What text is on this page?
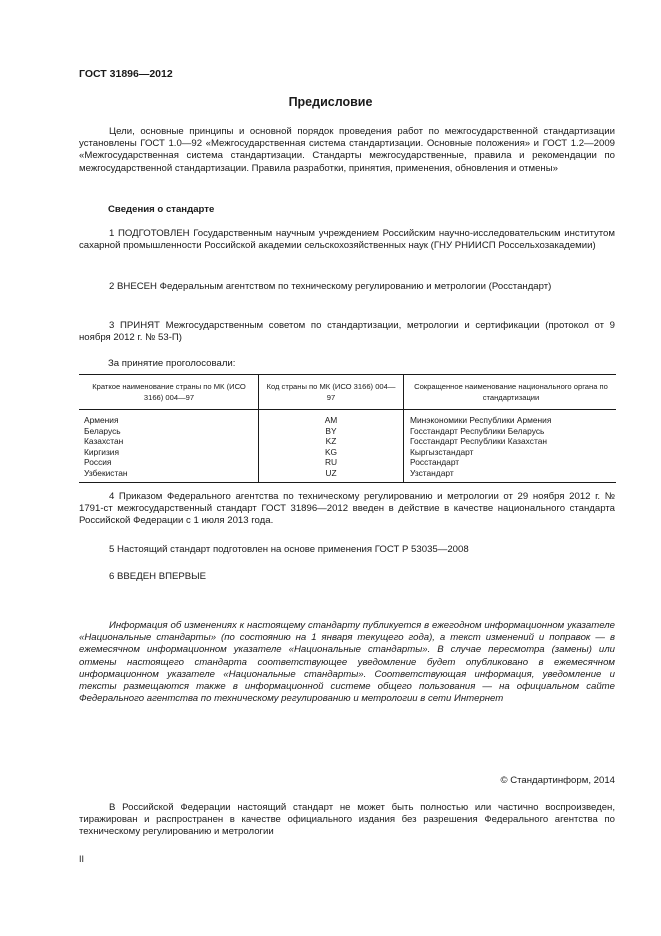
ГОСТ 31896—2012
Предисловие
Цели, основные принципы и основной порядок проведения работ по межгосударственной стандартизации установлены ГОСТ 1.0—92 «Межгосударственная система стандартизации. Основные положения» и ГОСТ 1.2—2009 «Межгосударственная система стандартизации. Стандарты межгосударственные, правила и рекомендации по межгосударственной стандартизации. Правила разработки, принятия, применения, обновления и отмены»
Сведения о стандарте
1 ПОДГОТОВЛЕН Государственным научным учреждением Российским научно-исследовательским институтом сахарной промышленности Российской академии сельскохозяйственных наук (ГНУ РНИИСП Россельхозакадемии)
2 ВНЕСЕН Федеральным агентством по техническому регулированию и метрологии (Росстандарт)
3 ПРИНЯТ Межгосударственным советом по стандартизации, метрологии и сертификации (протокол от 9 ноября 2012 г. № 53-П)
За принятие проголосовали:
Краткое наименование страны по МК (ИСО 3166) 004—97	Код страны по МК (ИСО 3166) 004—97	Сокращенное наименование национального органа по стандартизации
Армения	AM	Минэкономики Республики Армения
Беларусь	BY	Госстандарт Республики Беларусь
Казахстан	KZ	Госстандарт Республики Казахстан
Киргизия	KG	Кыргызстандарт
Россия	RU	Росстандарт
Узбекистан	UZ	Узстандарт
4 Приказом Федерального агентства по техническому регулированию и метрологии от 29 ноября 2012 г. № 1791-ст межгосударственный стандарт ГОСТ 31896—2012 введен в действие в качестве национального стандарта Российской Федерации с 1 июля 2013 года.
5 Настоящий стандарт подготовлен на основе применения ГОСТ Р 53035—2008
6 ВВЕДЕН ВПЕРВЫЕ
Информация об изменениях к настоящему стандарту публикуется в ежегодном информационном указателе «Национальные стандарты» (по состоянию на 1 января текущего года), а текст изменений и поправок — в ежемесячном информационном указателе «Национальные стандарты». В случае пересмотра (замены) или отмены настоящего стандарта соответствующее уведомление будет опубликовано в ежемесячном информационном указателе «Национальные стандарты». Соответствующая информация, уведомление и тексты размещаются также в информационной системе общего пользования — на официальном сайте Федерального агентства по техническому регулированию и метрологии в сети Интернет
© Стандартинформ, 2014
В Российской Федерации настоящий стандарт не может быть полностью или частично воспроизведен, тиражирован и распространен в качестве официального издания без разрешения Федерального агентства по техническому регулированию и метрологии
II
